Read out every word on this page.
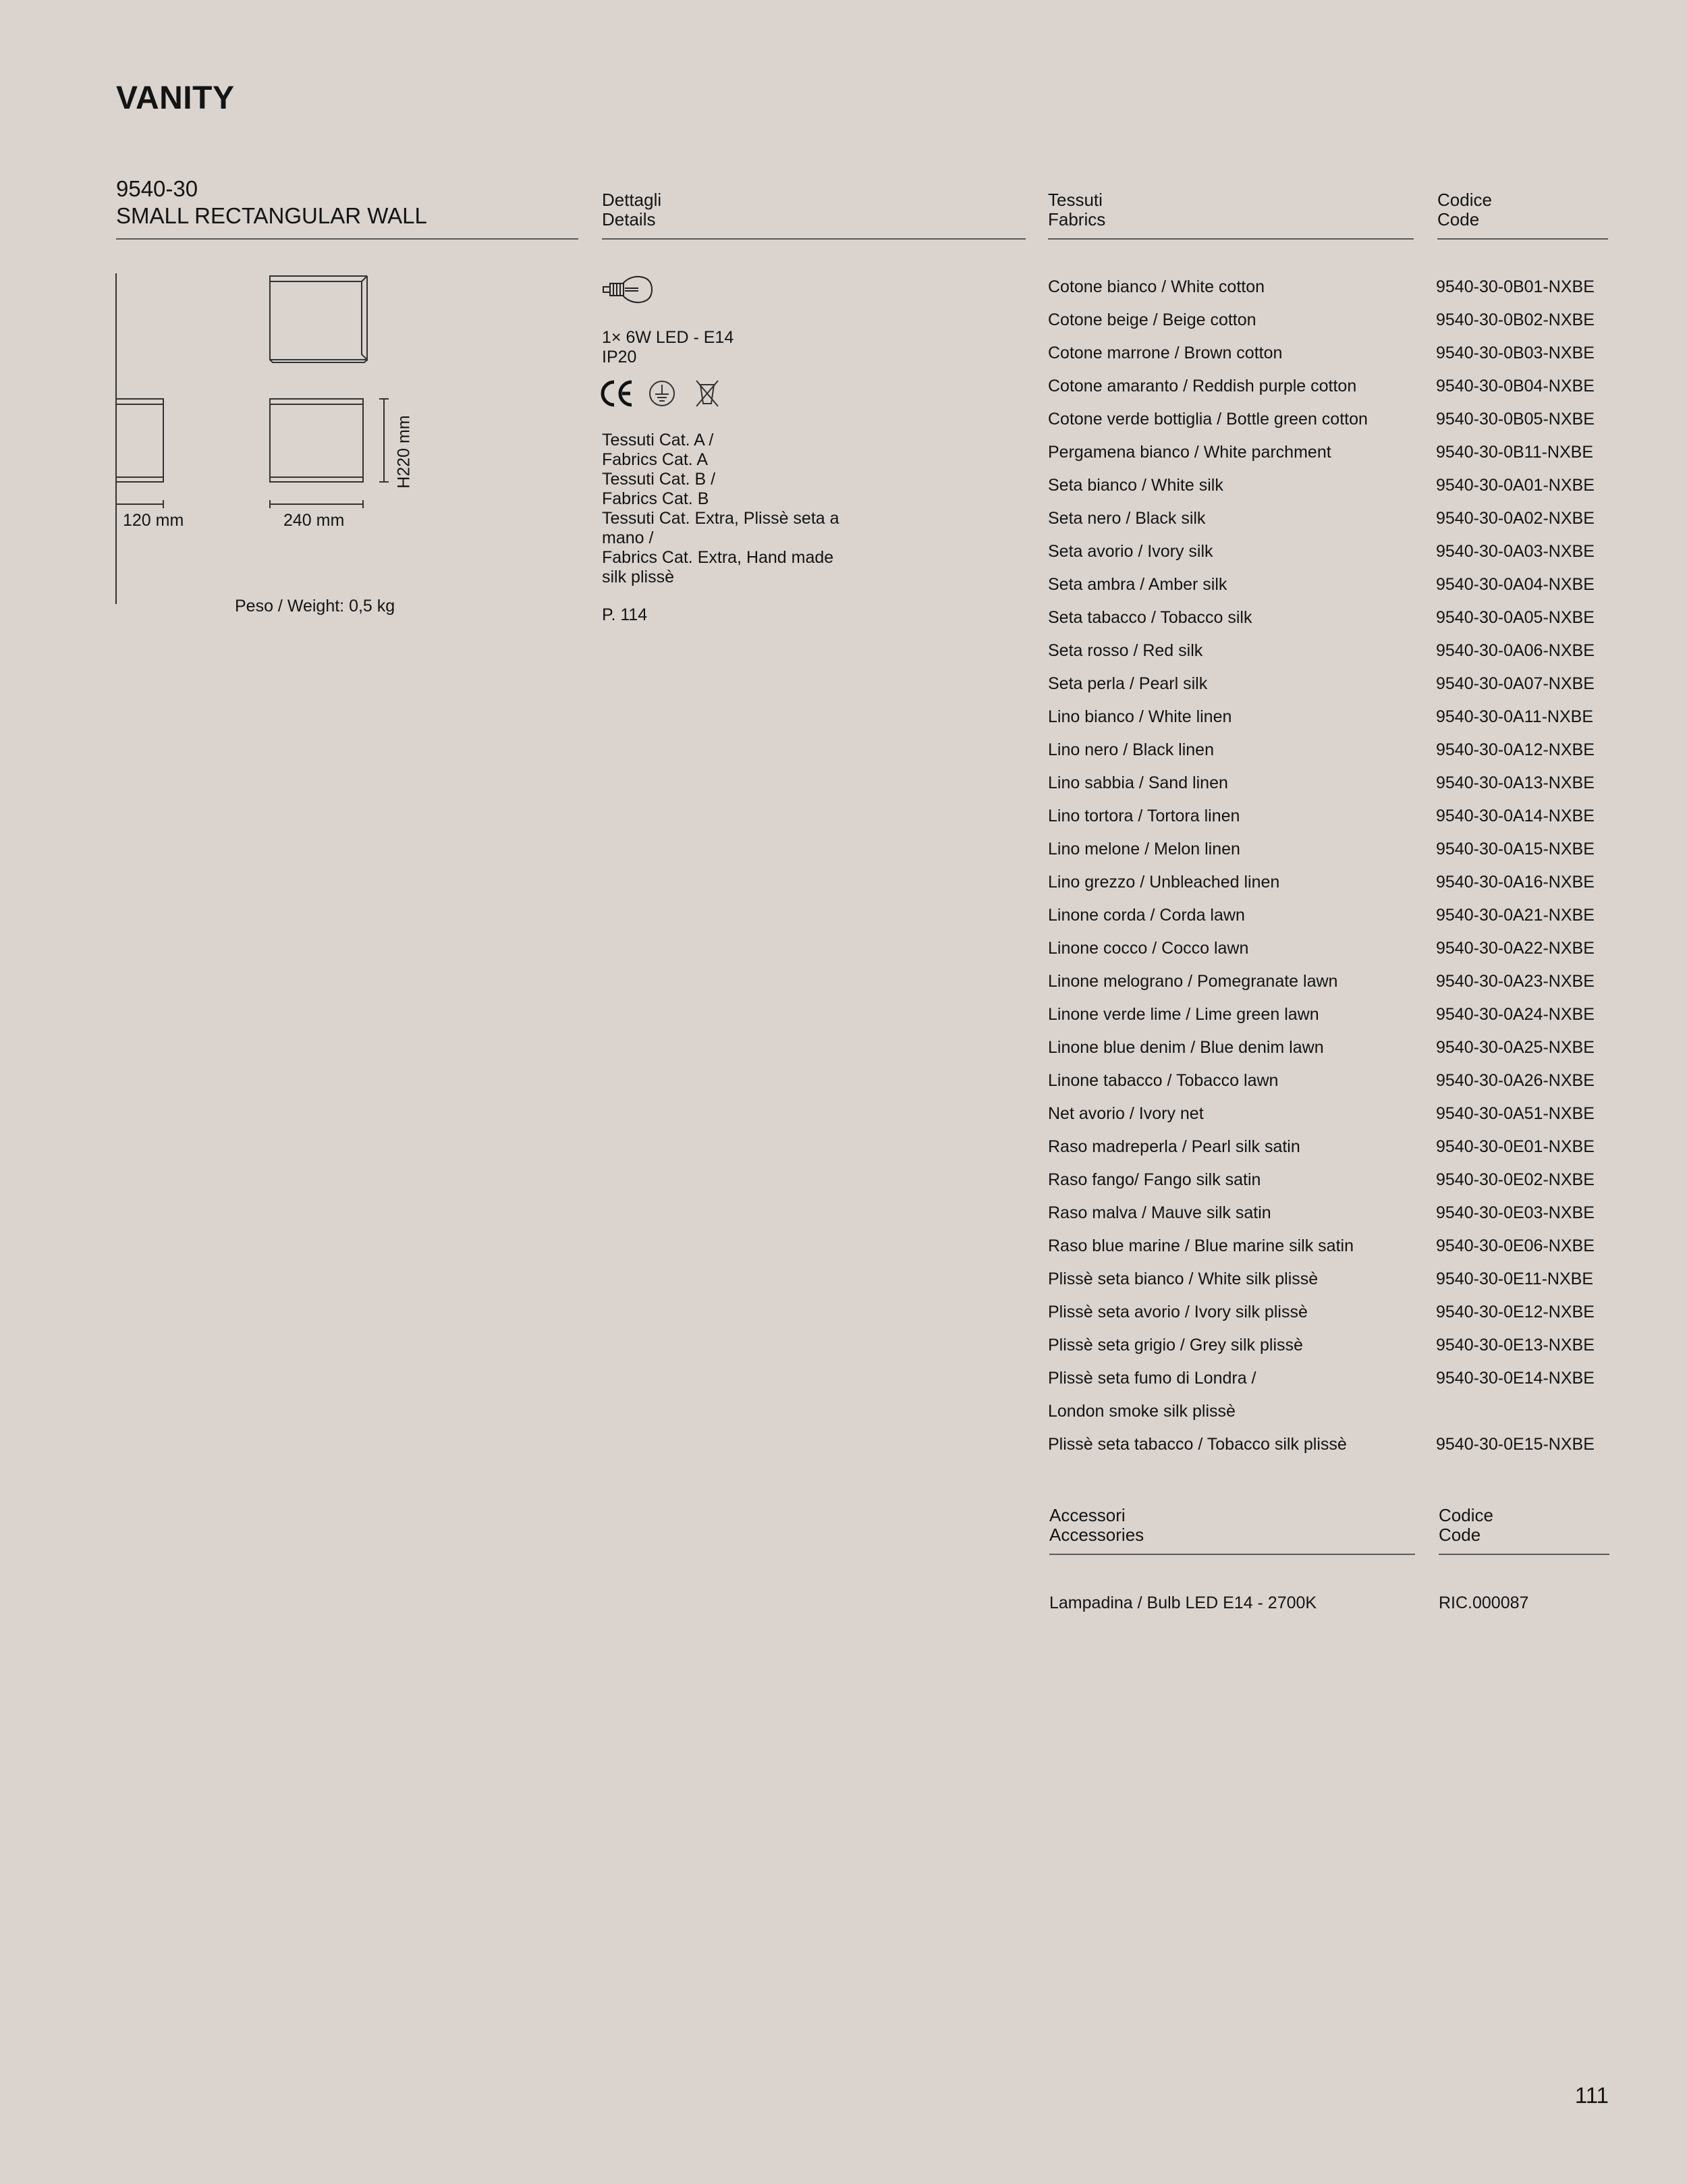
VANITY
9540-30
SMALL RECTANGULAR WALL
Dettagli
Details
Tessuti
Fabrics
Codice
Code
120 mm	240 mm
H220 mm
Peso / Weight: 0,5 kg
1× 6W LED - E14
IP20
Tessuti Cat. A /
Fabrics Cat. A
Tessuti Cat. B /
Fabrics Cat. B
Tessuti Cat. Extra, Plissè seta a
mano /
Fabrics Cat. Extra, Hand made
silk plissè
P. 114
Cotone bianco / White cotton	9540-30-0B01-NXBE
Cotone beige / Beige cotton	9540-30-0B02-NXBE
Cotone marrone / Brown cotton	9540-30-0B03-NXBE
Cotone amaranto / Reddish purple cotton	9540-30-0B04-NXBE
Cotone verde bottiglia / Bottle green cotton	9540-30-0B05-NXBE
Pergamena bianco / White parchment	9540-30-0B11-NXBE
Seta bianco / White silk	9540-30-0A01-NXBE
Seta nero / Black silk	9540-30-0A02-NXBE
Seta avorio / Ivory silk	9540-30-0A03-NXBE
Seta ambra / Amber silk	9540-30-0A04-NXBE
Seta tabacco / Tobacco silk	9540-30-0A05-NXBE
Seta rosso / Red silk	9540-30-0A06-NXBE
Seta perla / Pearl silk	9540-30-0A07-NXBE
Lino bianco / White linen	9540-30-0A11-NXBE
Lino nero / Black linen	9540-30-0A12-NXBE
Lino sabbia / Sand linen	9540-30-0A13-NXBE
Lino tortora / Tortora linen	9540-30-0A14-NXBE
Lino melone / Melon linen	9540-30-0A15-NXBE
Lino grezzo / Unbleached linen	9540-30-0A16-NXBE
Linone corda / Corda lawn	9540-30-0A21-NXBE
Linone cocco / Cocco lawn	9540-30-0A22-NXBE
Linone melograno / Pomegranate lawn	9540-30-0A23-NXBE
Linone verde lime / Lime green lawn	9540-30-0A24-NXBE
Linone blue denim / Blue denim lawn	9540-30-0A25-NXBE
Linone tabacco / Tobacco lawn	9540-30-0A26-NXBE
Net avorio / Ivory net	9540-30-0A51-NXBE
Raso madreperla / Pearl silk satin	9540-30-0E01-NXBE
Raso fango/ Fango silk satin	9540-30-0E02-NXBE
Raso malva / Mauve silk satin	9540-30-0E03-NXBE
Raso blue marine / Blue marine silk satin	9540-30-0E06-NXBE
Plissè seta bianco / White silk plissè	9540-30-0E11-NXBE
Plissè seta avorio / Ivory silk plissè	9540-30-0E12-NXBE
Plissè seta grigio / Grey silk plissè	9540-30-0E13-NXBE
Plissè seta fumo di Londra /
London smoke silk plissè
9540-30-0E14-NXBE
Plissè seta tabacco / Tobacco silk plissè	9540-30-0E15-NXBE
Accessori
Accessories
Codice
Code
Lampadina / Bulb LED E14 - 2700K	RIC.000087
111
